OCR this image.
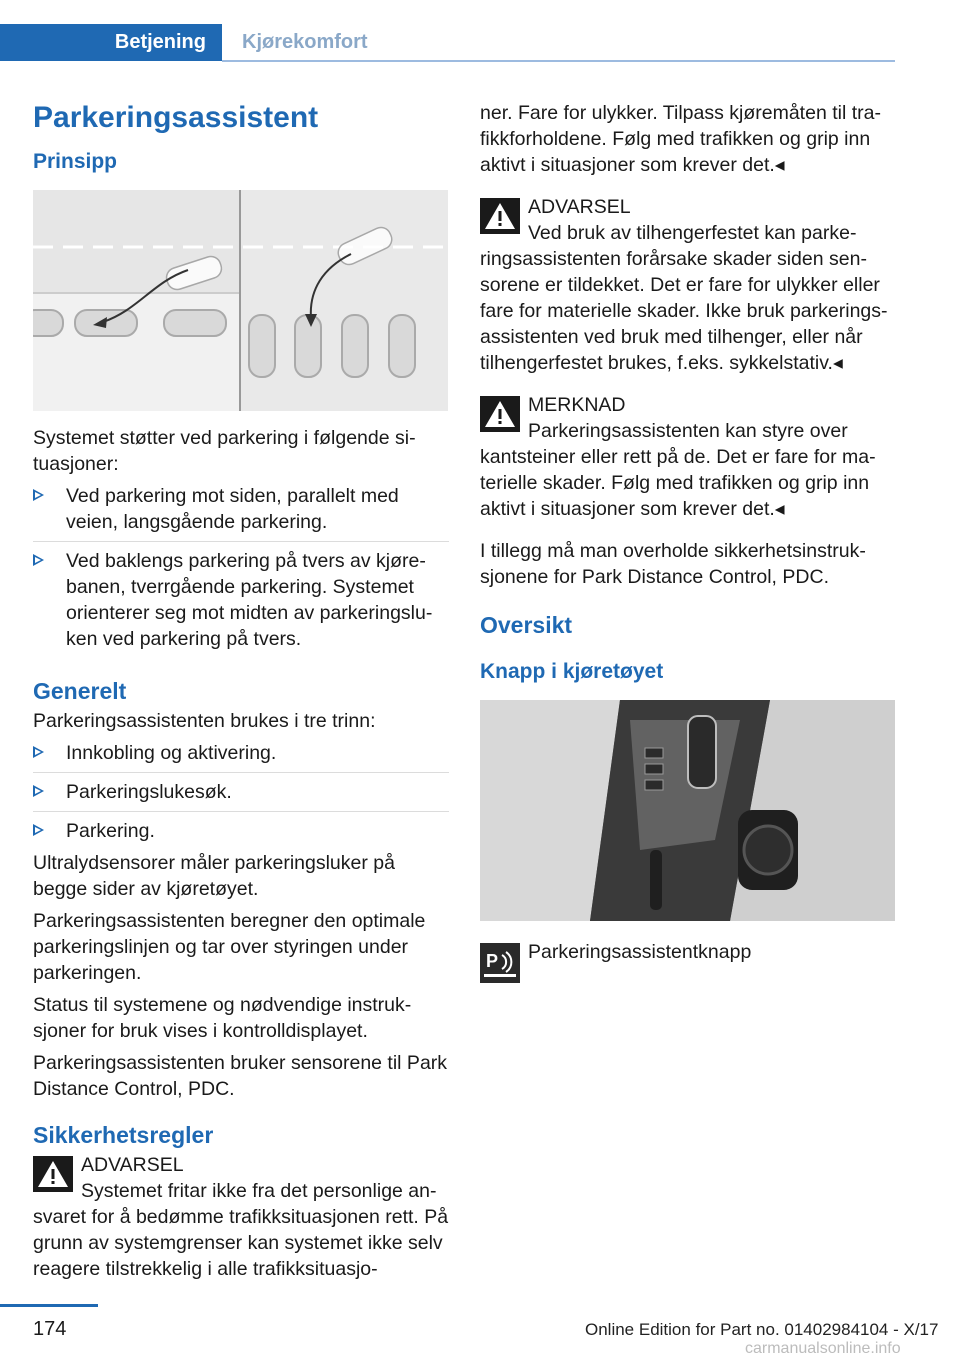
Betjening	Kjørekomfort
Parkeringsassistent
Prinsipp

Systemet støtter ved parkering i følgende si-tuasjoner:

Ved parkering mot siden, parallelt med veien, langsgående parkering.
Ved baklengs parkering på tvers av kjøre-banen, tverrgående parkering. Systemet orienterer seg mot midten av parkeringslu-ken ved parkering på tvers.
Generelt

Parkeringsassistenten brukes i tre trinn:

Innkobling og aktivering.
Parkeringslukesøk.
Parkering.

Ultralydsensorer måler parkeringsluker på begge sider av kjøretøyet.

Parkeringsassistenten beregner den optimale parkeringslinjen og tar over styringen under parkeringen.

Status til systemene og nødvendige instruk-sjoner for bruk vises i kontrolldisplayet.

Parkeringsassistenten bruker sensorene til Park Distance Control, PDC.

Sikkerhetsregler

ADVARSEL

Systemet fritar ikke fra det personlige an-

svaret for å bedømme trafikksituasjonen rett. På grunn av systemgrenser kan systemet ikke selv reagere tilstrekkelig i alle trafikksituasjo-

ner. Fare for ulykker. Tilpass kjøremåten til tra-fikkforholdene. Følg med trafikken og grip inn aktivt i situasjoner som krever det.◂

ADVARSEL

Ved bruk av tilhengerfestet kan parke-

ringsassistenten forårsake skader siden sen-sorene er tildekket. Det er fare for ulykker eller fare for materielle skader. Ikke bruk parkerings-assistenten ved bruk med tilhenger, eller når tilhengerfestet brukes, f.eks. sykkelstativ.◂

MERKNAD

Parkeringsassistenten kan styre over

kantsteiner eller rett på de. Det er fare for ma-terielle skader. Følg med trafikken og grip inn aktivt i situasjoner som krever det.◂

I tillegg må man overholde sikkerhetsinstruk-sjonene for Park Distance Control, PDC.

Oversikt
Knapp i kjøretøyet
P Parkeringsassistentknapp

174	Online Edition for Part no. 01402984104 - X/17
carmanualsonline.info
